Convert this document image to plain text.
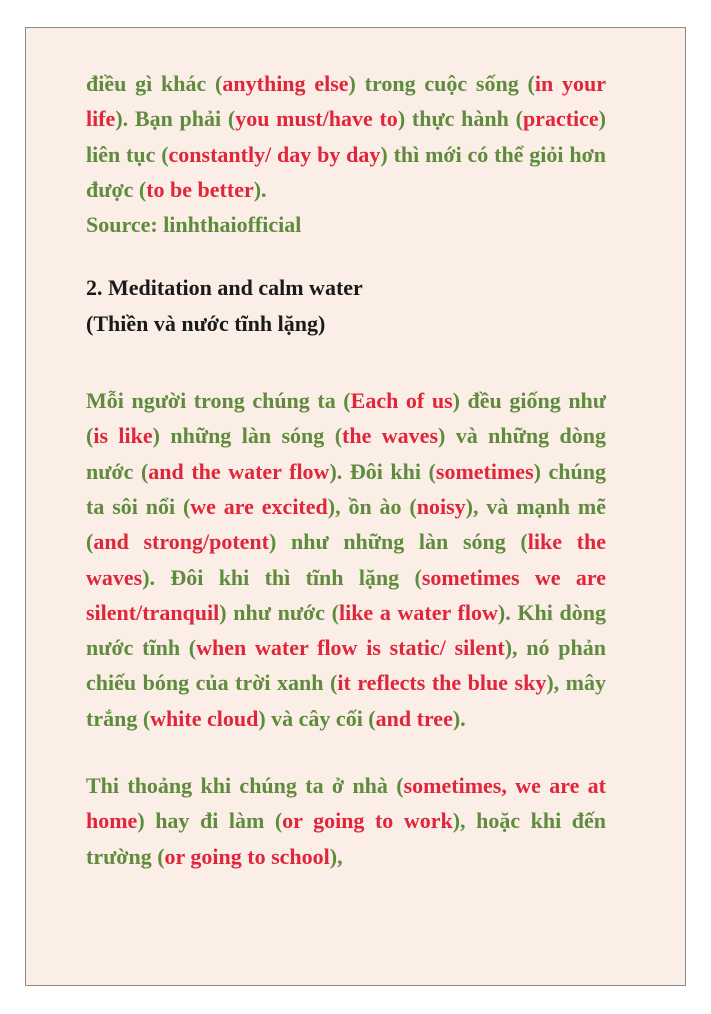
điều gì khác (anything else) trong cuộc sống (in your life). Bạn phải (you must/have to) thực hành (practice) liên tục (constantly/ day by day) thì mới có thể giỏi hơn được (to be better).

Source: linhthaiofficial

2. Meditation and calm water
(Thiền và nước tĩnh lặng)

Mỗi người trong chúng ta (Each of us) đều giống như (is like) những làn sóng (the waves) và những dòng nước (and the water flow). Đôi khi (sometimes) chúng ta sôi nổi (we are excited), ồn ào (noisy), và mạnh mẽ (and strong/potent) như những làn sóng (like the waves). Đôi khi thì tĩnh lặng (sometimes we are silent/tranquil) như nước (like a water flow). Khi dòng nước tĩnh (when water flow is static/ silent), nó phản chiếu bóng của trời xanh (it reflects the blue sky), mây trắng (white cloud) và cây cối (and tree).

Thi thoảng khi chúng ta ở nhà (sometimes, we are at home) hay đi làm (or going to work), hoặc khi đến trường (or going to school),
